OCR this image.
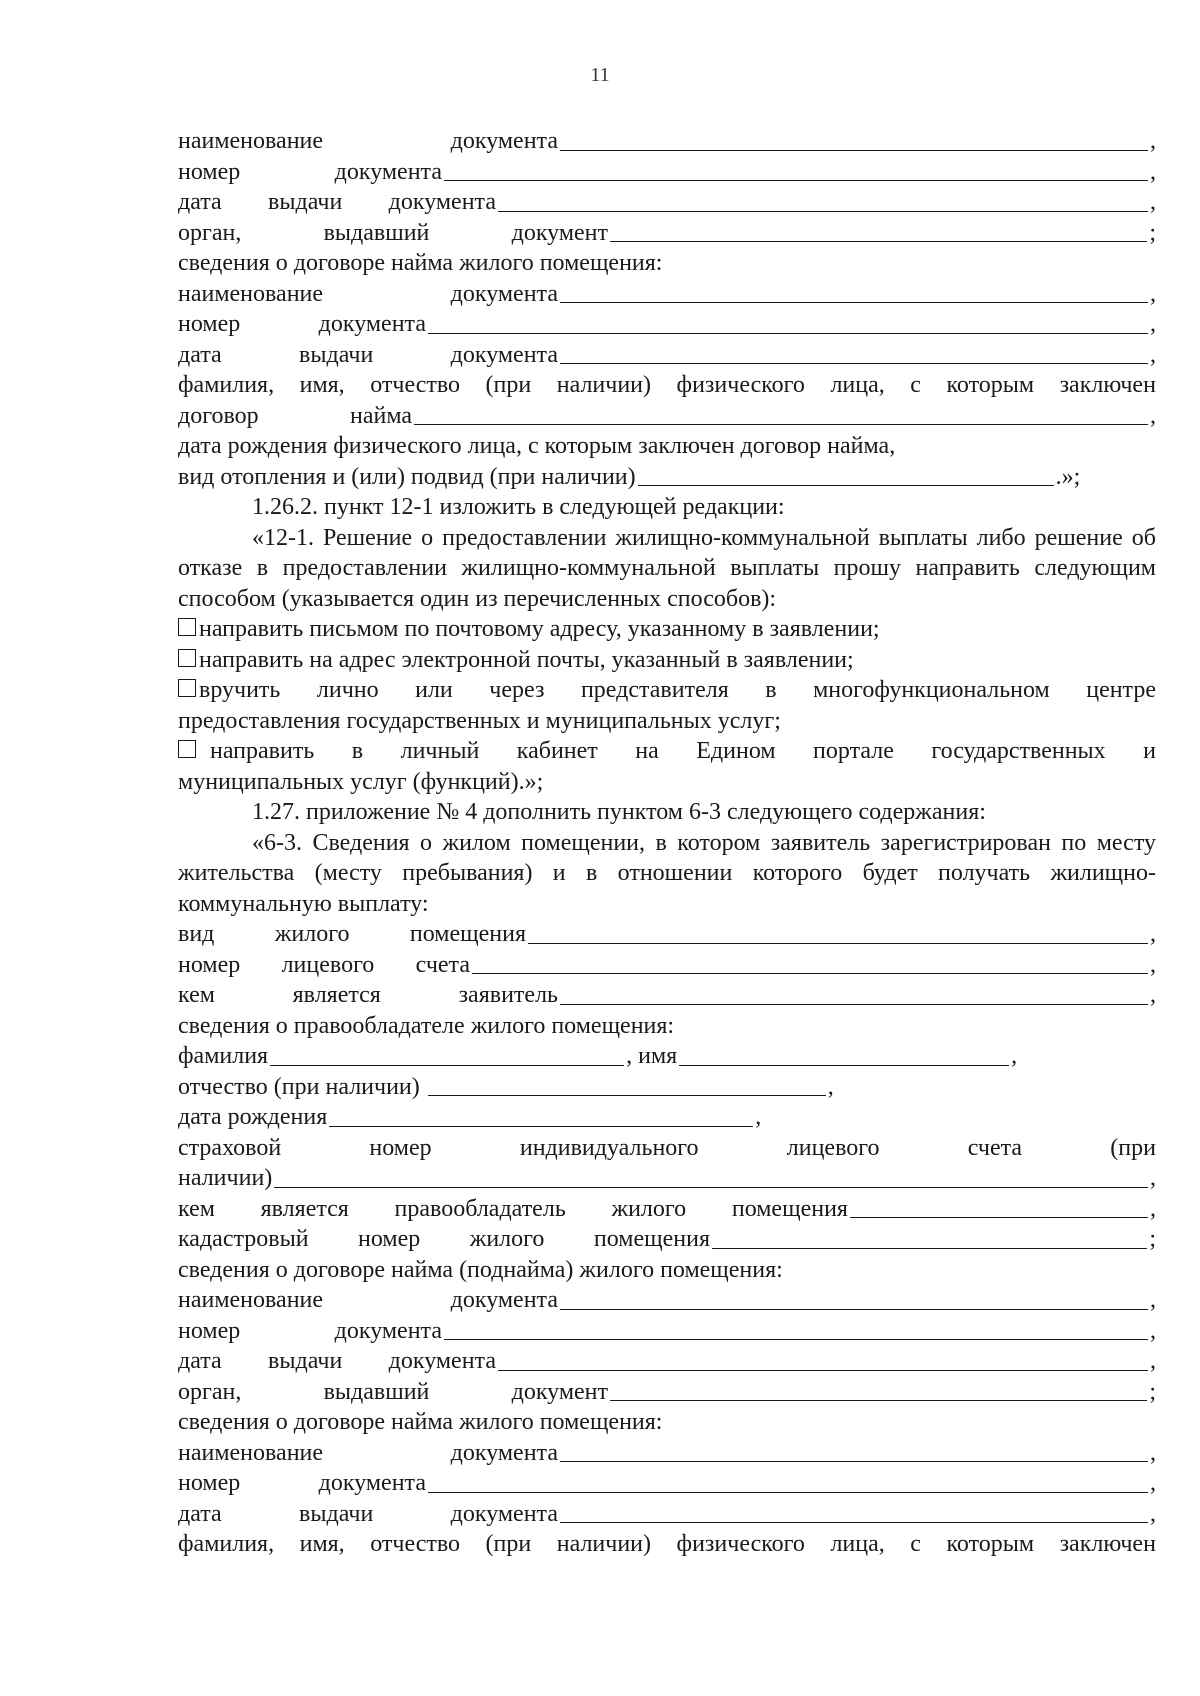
11
наименование	документа	,
номер	документа	,
дата выдачи документа	,
орган,	выдавший	документ	;
сведения о договоре найма жилого помещения:
наименование	документа	,
номер	документа	,
дата	выдачи	документа	,
фамилия, имя, отчество (при наличии) физического лица, с которым заключен
договор	найма	,
дата рождения физического лица, с которым заключен договор найма,
вид отопления и (или) подвид (при наличии)	.»;
1.26.2. пункт 12-1 изложить в следующей редакции:
«12-1. Решение о предоставлении жилищно-коммунальной выплаты либо решение об отказе в предоставлении жилищно-коммунальной выплаты прошу направить следующим способом (указывается один из перечисленных способов):
направить письмом по почтовому адресу, указанному в заявлении;
направить на адрес электронной почты, указанный в заявлении;
вручить лично или через представителя в многофункциональном центре
предоставления государственных и муниципальных услуг;
направить в личный кабинет на Едином портале государственных и
муниципальных услуг (функций).»;
1.27. приложение № 4 дополнить пунктом 6-3 следующего содержания:
«6-3. Сведения о жилом помещении, в котором заявитель зарегистрирован по месту жительства (месту пребывания) и в отношении которого будет получать жилищно-коммунальную выплату:
вид	жилого	помещения	,
номер лицевого счета	,
кем	является	заявитель	,
сведения о правообладателе жилого помещения:
фамилия	, имя	,
отчество (при наличии)	,
дата рождения	,
страховой	номер	индивидуального	лицевого	счета	(при
наличии)	,
кем является правообладатель жилого помещения	,
кадастровый номер жилого помещения	;
сведения о договоре найма (поднайма) жилого помещения:
наименование	документа	,
номер	документа	,
дата выдачи документа	,
орган,	выдавший	документ	;
сведения о договоре найма жилого помещения:
наименование	документа	,
номер	документа	,
дата	выдачи	документа	,
фамилия, имя, отчество (при наличии) физического лица, с которым заключен
